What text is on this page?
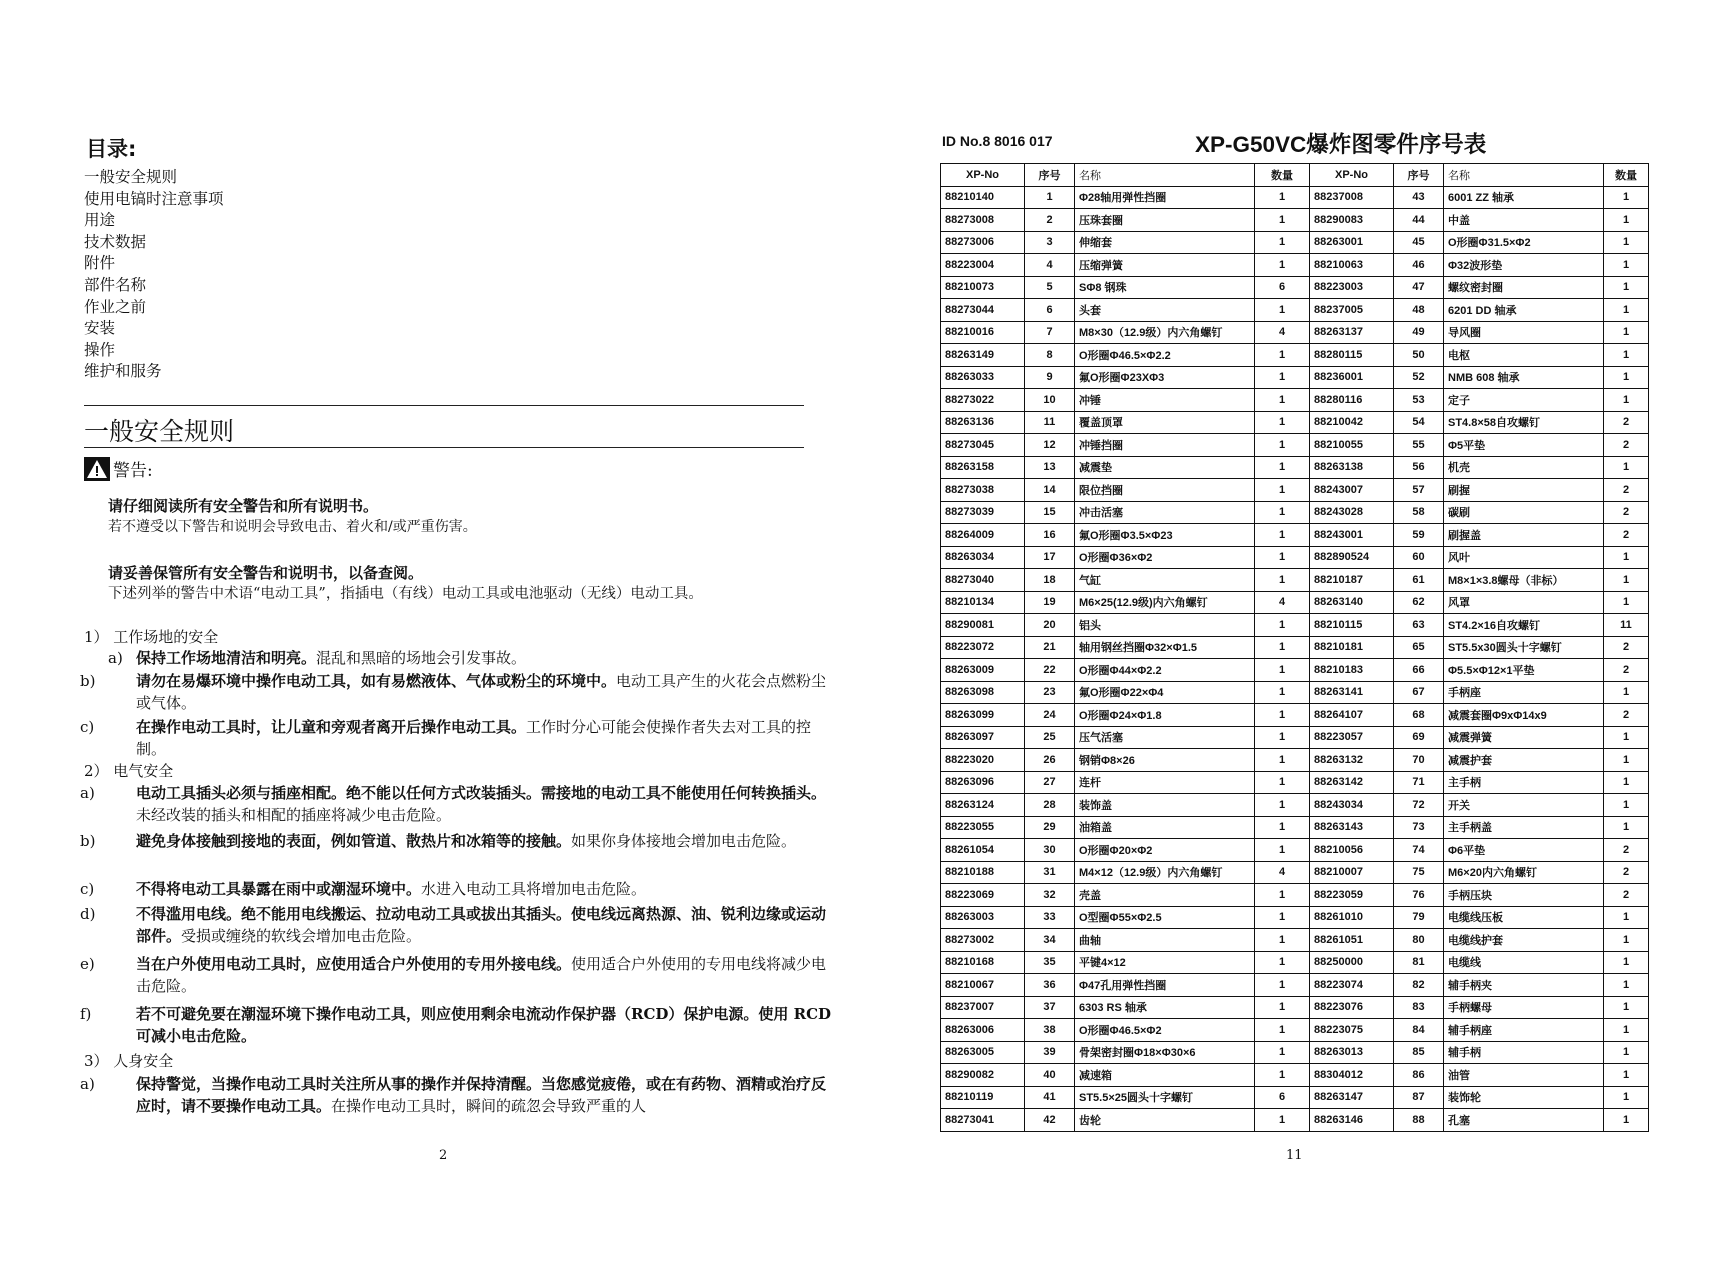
目录:
一般安全规则
使用电镐时注意事项
用途
技术数据
附件
部件名称
作业之前
安装
操作
维护和服务
一般安全规则
警告:
请仔细阅读所有安全警告和所有说明书。
若不遵受以下警告和说明会导致电击、着火和/或严重伤害。
请妥善保管所有安全警告和说明书，以备查阅。
下述列举的警告中术语“电动工具”，指插电（有线）电动工具或电池驱动（无线）电动工具。
1） 工作场地的安全
a) 保持工作场地清洁和明亮。混乱和黑暗的场地会引发事故。
b)	请勿在易爆环境中操作电动工具，如有易燃液体、气体或粉尘的环境中。电动工具产生的火花会点燃粉尘或气体。
c)	在操作电动工具时，让儿童和旁观者离开后操作电动工具。工作时分心可能会使操作者失去对工具的控制。
2） 电气安全
a)	电动工具插头必须与插座相配。绝不能以任何方式改装插头。需接地的电动工具不能使用任何转换插头。未经改装的插头和相配的插座将减少电击危险。
b)	避免身体接触到接地的表面，例如管道、散热片和冰箱等的接触。如果你身体接地会增加电击危险。
c)	不得将电动工具暴露在雨中或潮湿环境中。水进入电动工具将增加电击危险。
d)	不得滥用电线。绝不能用电线搬运、拉动电动工具或拔出其插头。使电线远离热源、油、锐利边缘或运动部件。受损或缠绕的软线会增加电击危险。
e)	当在户外使用电动工具时，应使用适合户外使用的专用外接电线。使用适合户外使用的专用电线将减少电击危险。
f)	若不可避免要在潮湿环境下操作电动工具，则应使用剩余电流动作保护器（RCD）保护电源。使用 RCD 可减小电击危险。
3） 人身安全
a)	保持警觉，当操作电动工具时关注所从事的操作并保持清醒。当您感觉疲倦，或在有药物、酒精或治疗反应时，请不要操作电动工具。在操作电动工具时，瞬间的疏忽会导致严重的人
2
ID No.8 8016 017	XP-G50VC爆炸图零件序号表
XP-No	序号	名称	数量	XP-No	序号	名称	数量
88210140	1	Φ28轴用弹性挡圈	1	88237008	43	6001 ZZ 轴承	1
88273008	2	压珠套圈	1	88290083	44	中盖	1
88273006	3	伸缩套	1	88263001	45	O形圈Φ31.5×Φ2	1
88223004	4	压缩弹簧	1	88210063	46	Φ32波形垫	1
88210073	5	SΦ8 钢珠	6	88223003	47	螺纹密封圈	1
88273044	6	头套	1	88237005	48	6201 DD 轴承	1
88210016	7	M8×30（12.9级）内六角螺钉	4	88263137	49	导风圈	1
88263149	8	O形圈Φ46.5×Φ2.2	1	88280115	50	电枢	1
88263033	9	氟O形圈Φ23XΦ3	1	88236001	52	NMB 608 轴承	1
88273022	10	冲锤	1	88280116	53	定子	1
88263136	11	覆盖顶罩	1	88210042	54	ST4.8×58自攻螺钉	2
88273045	12	冲锤挡圈	1	88210055	55	Φ5平垫	2
88263158	13	减震垫	1	88263138	56	机壳	1
88273038	14	限位挡圈	1	88243007	57	刷握	2
88273039	15	冲击活塞	1	88243028	58	碳刷	2
88264009	16	氟O形圈Φ3.5×Φ23	1	88243001	59	刷握盖	2
88263034	17	O形圈Φ36×Φ2	1	882890524	60	风叶	1
88273040	18	气缸	1	88210187	61	M8×1×3.8螺母（非标）	1
88210134	19	M6×25(12.9级)内六角螺钉	4	88263140	62	风罩	1
88290081	20	铝头	1	88210115	63	ST4.2×16自攻螺钉	11
88223072	21	轴用钢丝挡圈Φ32×Φ1.5	1	88210181	65	ST5.5x30圆头十字螺钉	2
88263009	22	O形圈Φ44×Φ2.2	1	88210183	66	Φ5.5×Φ12×1平垫	2
88263098	23	氟O形圈Φ22×Φ4	1	88263141	67	手柄座	1
88263099	24	O形圈Φ24×Φ1.8	1	88264107	68	减震套圈Φ9xΦ14x9	2
88263097	25	压气活塞	1	88223057	69	减震弹簧	1
88223020	26	钢销Φ8×26	1	88263132	70	减震护套	1
88263096	27	连杆	1	88263142	71	主手柄	1
88263124	28	装饰盖	1	88243034	72	开关	1
88223055	29	油箱盖	1	88263143	73	主手柄盖	1
88261054	30	O形圈Φ20×Φ2	1	88210056	74	Φ6平垫	2
88210188	31	M4×12（12.9级）内六角螺钉	4	88210007	75	M6×20内六角螺钉	2
88223069	32	壳盖	1	88223059	76	手柄压块	2
88263003	33	O型圈Φ55×Φ2.5	1	88261010	79	电缆线压板	1
88273002	34	曲轴	1	88261051	80	电缆线护套	1
88210168	35	平键4×12	1	88250000	81	电缆线	1
88210067	36	Φ47孔用弹性挡圈	1	88223074	82	辅手柄夹	1
88237007	37	6303 RS 轴承	1	88223076	83	手柄螺母	1
88263006	38	O形圈Φ46.5×Φ2	1	88223075	84	辅手柄座	1
88263005	39	骨架密封圈Φ18×Φ30×6	1	88263013	85	辅手柄	1
88290082	40	减速箱	1	88304012	86	油管	1
88210119	41	ST5.5×25圆头十字螺钉	6	88263147	87	装饰轮	1
88273041	42	齿轮	1	88263146	88	孔塞	1
11
